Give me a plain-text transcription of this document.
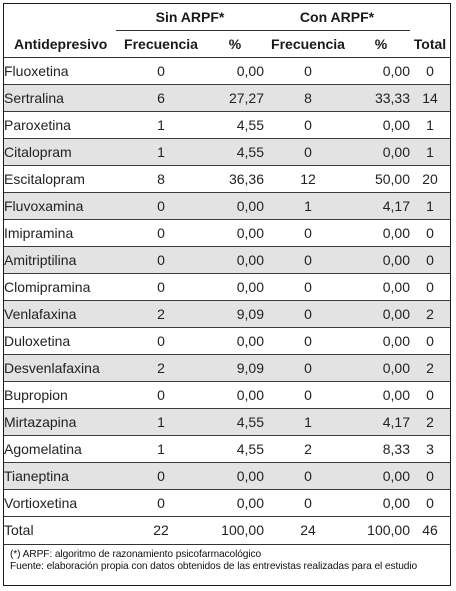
	Sin ARPF*		Con ARPF*		
Antidepresivo	Frecuencia	%	Frecuencia	%	Total
Fluoxetina	0	0,00	0	0,00	0
Sertralina	6	27,27	8	33,33	14
Paroxetina	1	4,55	0	0,00	1
Citalopram	1	4,55	0	0,00	1
Escitalopram	8	36,36	12	50,00	20
Fluvoxamina	0	0,00	1	4,17	1
Imipramina	0	0,00	0	0,00	0
Amitriptilina	0	0,00	0	0,00	0
Clomipramina	0	0,00	0	0,00	0
Venlafaxina	2	9,09	0	0,00	2
Duloxetina	0	0,00	0	0,00	0
Desvenlafaxina	2	9,09	0	0,00	2
Bupropion	0	0,00	0	0,00	0
Mirtazapina	1	4,55	1	4,17	2
Agomelatina	1	4,55	2	8,33	3
Tianeptina	0	0,00	0	0,00	0
Vortioxetina	0	0,00	0	0,00	0
Total	22	100,00	24	100,00	46
(*) ARPF: algoritmo de razonamiento psicofarmacológico
Fuente: elaboración propia con datos obtenidos de las entrevistas realizadas para el estudio
